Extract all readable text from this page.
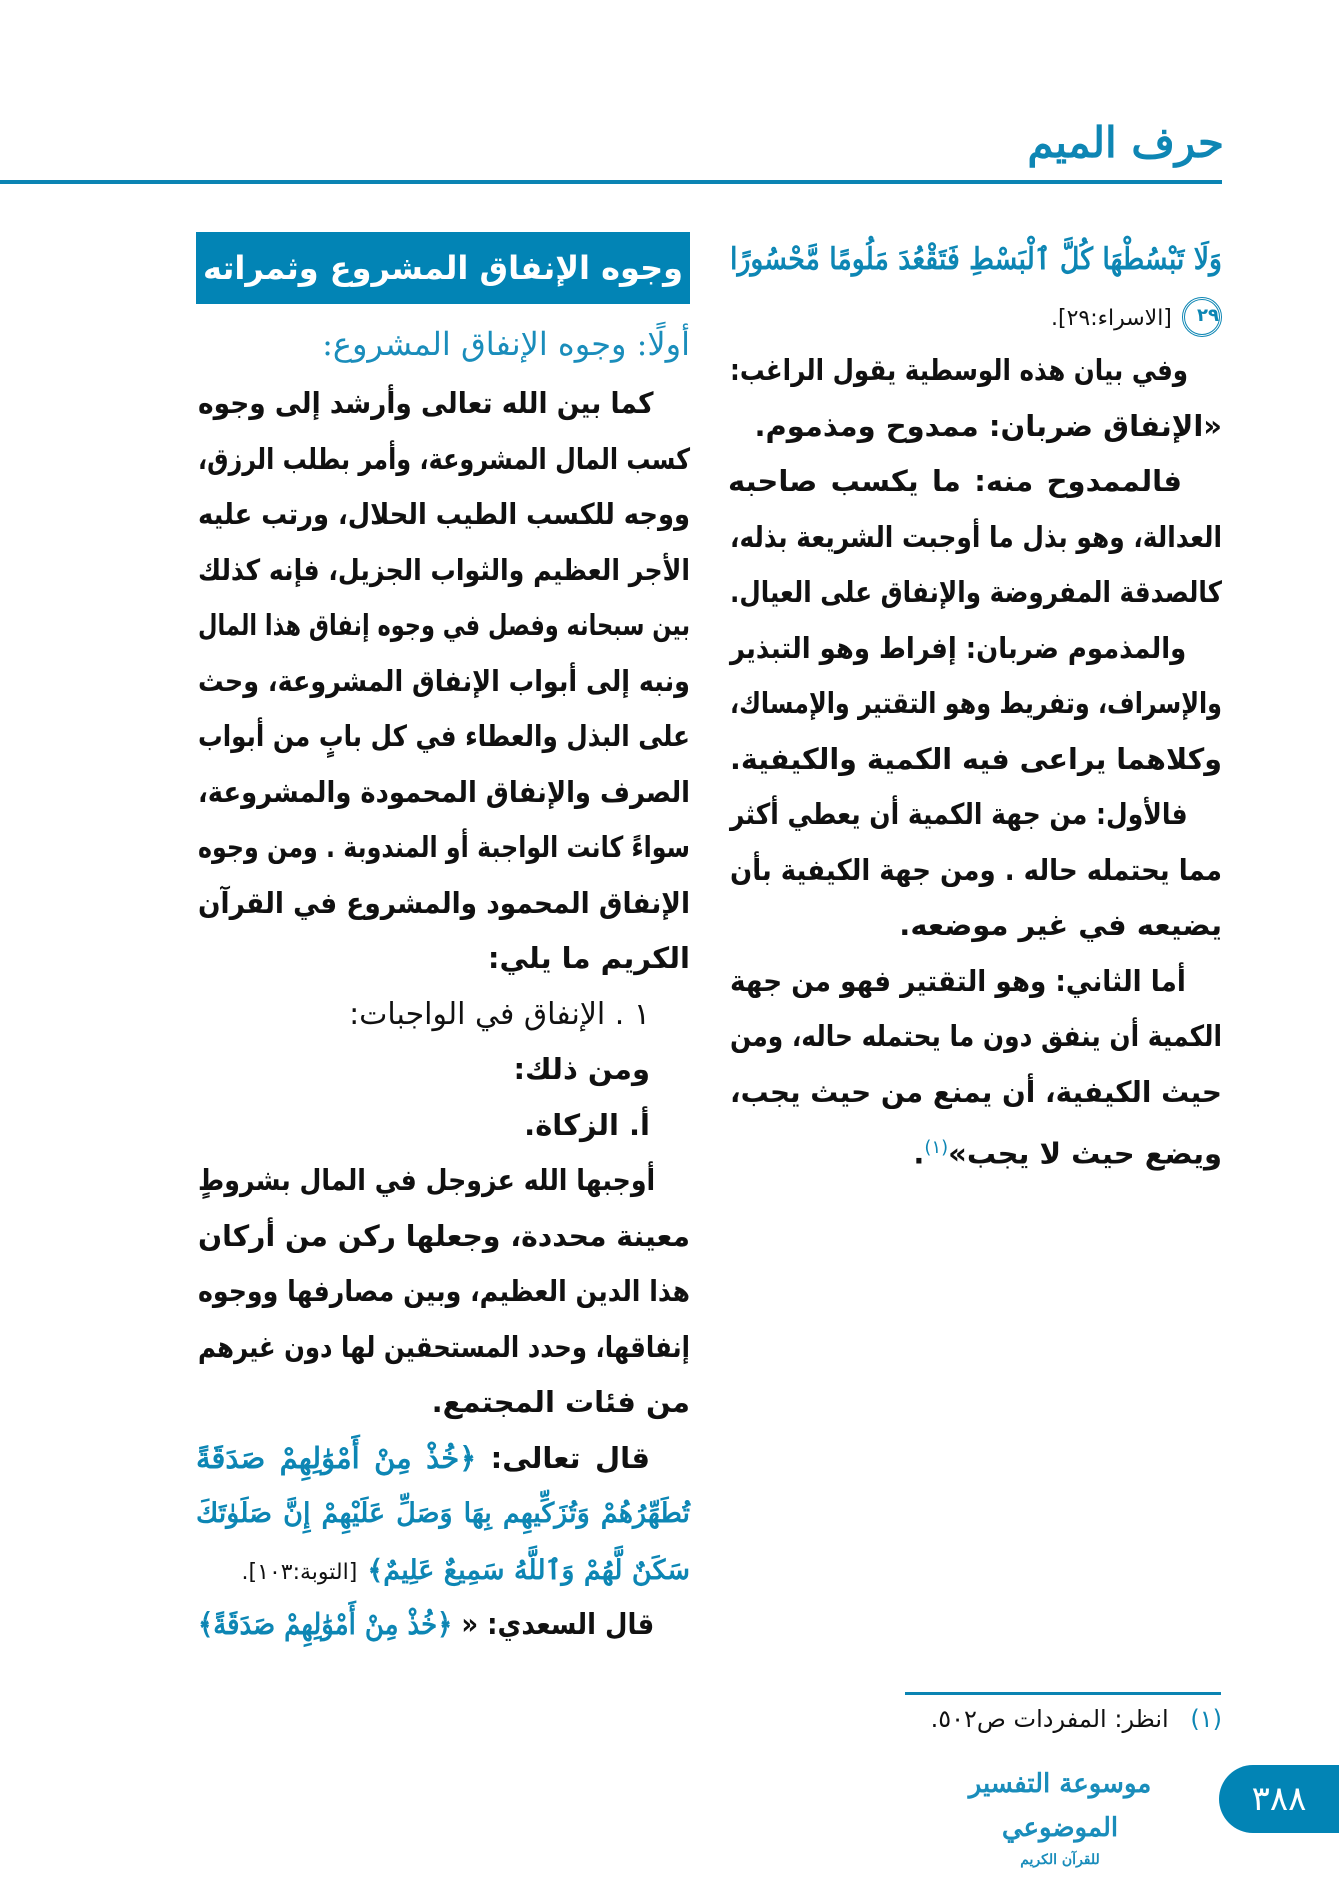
حرف الميم
وَلَا تَبْسُطْهَا كُلَّ ٱلْبَسْطِ فَتَقْعُدَ مَلُومًا مَّحْسُورًا
٢٩ [الاسراء:٢٩].
وفي بيان هذه الوسطية يقول الراغب:
«الإنفاق ضربان: ممدوح ومذموم.
فالممدوح منه: ما يكسب صاحبه
العدالة، وهو بذل ما أوجبت الشريعة بذله،
كالصدقة المفروضة والإنفاق على العيال.
والمذموم ضربان: إفراط وهو التبذير
والإسراف، وتفريط وهو التقتير والإمساك،
وكلاهما يراعى فيه الكمية والكيفية.
فالأول: من جهة الكمية أن يعطي أكثر
مما يحتمله حاله . ومن جهة الكيفية بأن
يضيعه في غير موضعه.
أما الثاني: وهو التقتير فهو من جهة
الكمية أن ينفق دون ما يحتمله حاله، ومن
حيث الكيفية، أن يمنع من حيث يجب،
ويضع حيث لا يجب»$^{(١)}$.
وجوه الإنفاق المشروع وثمراته
أولًا: وجوه الإنفاق المشروع:
كما بين الله تعالى وأرشد إلى وجوه
كسب المال المشروعة، وأمر بطلب الرزق،
ووجه للكسب الطيب الحلال، ورتب عليه
الأجر العظيم والثواب الجزيل، فإنه كذلك
بين سبحانه وفصل في وجوه إنفاق هذا المال
ونبه إلى أبواب الإنفاق المشروعة، وحث
على البذل والعطاء في كل بابٍ من أبواب
الصرف والإنفاق المحمودة والمشروعة،
سواءً كانت الواجبة أو المندوبة . ومن وجوه
الإنفاق المحمود والمشروع في القرآن
الكريم ما يلي:
١ . الإنفاق في الواجبات:
ومن ذلك:
أ. الزكاة.
أوجبها الله عزوجل في المال بشروطٍ
معينة محددة، وجعلها ركن من أركان
هذا الدين العظيم، وبين مصارفها ووجوه
إنفاقها، وحدد المستحقين لها دون غيرهم
من فئات المجتمع.
قال تعالى: ﴿خُذْ مِنْ أَمْوَٰلِهِمْ صَدَقَةً
تُطَهِّرُهُمْ وَتُزَكِّيهِم بِهَا وَصَلِّ عَلَيْهِمْ إِنَّ صَلَوٰتَكَ
سَكَنٌ لَّهُمْ وَٱللَّهُ سَمِيعٌ عَلِيمٌ﴾ [التوبة:١٠٣].
قال السعدي: « ﴿خُذْ مِنْ أَمْوَٰلِهِمْ صَدَقَةً﴾
(١) انظر: المفردات ص٥٠٢.
موسوعة التفسير الموضوعي
للقرآن الكريم
٣٨٨
